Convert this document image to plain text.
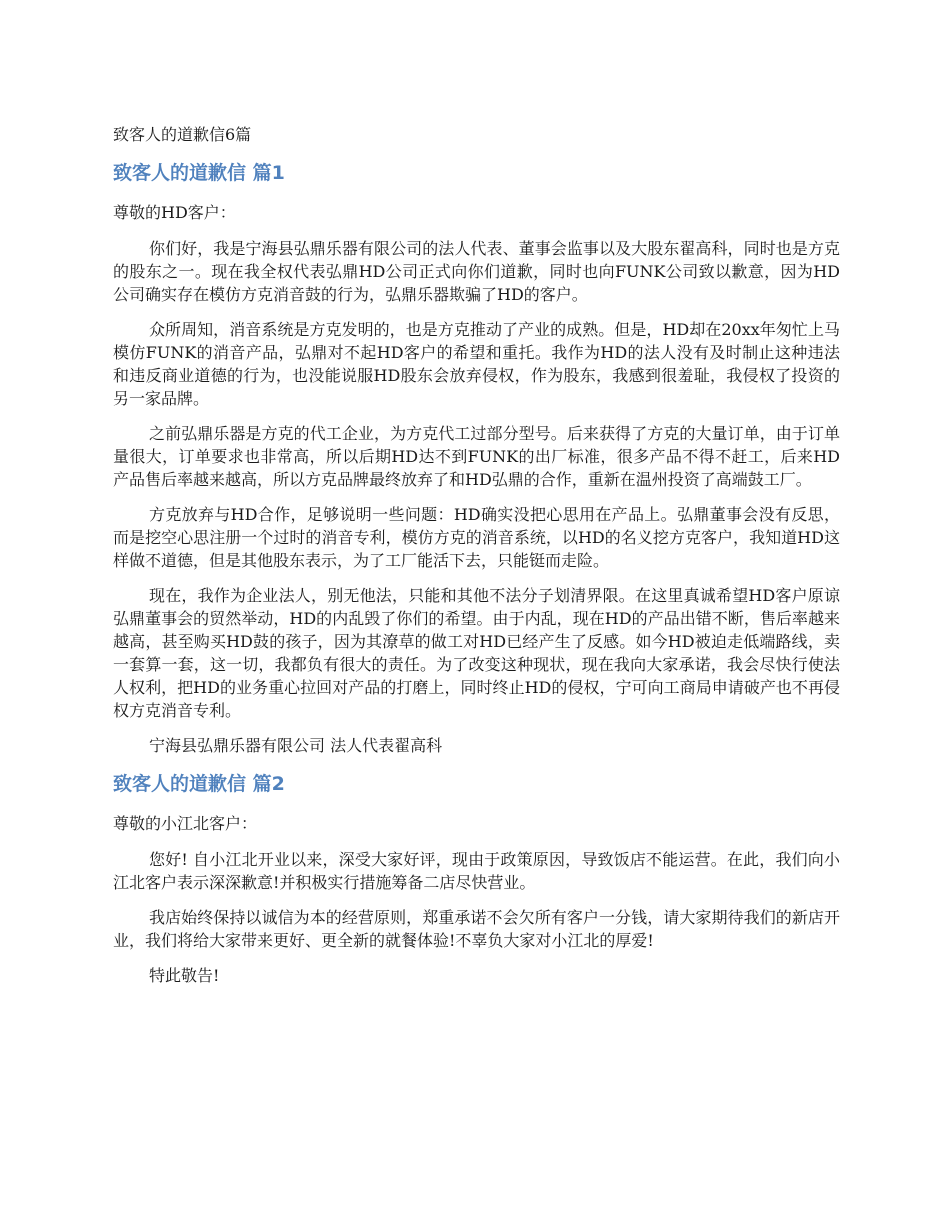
致客人的道歉信6篇
致客人的道歉信 篇1
尊敬的HD客户：

你们好，我是宁海县弘鼎乐器有限公司的法人代表、董事会监事以及大股东翟高科，同时也是方克的股东之一。现在我全权代表弘鼎HD公司正式向你们道歉，同时也向FUNK公司致以歉意，因为HD公司确实存在模仿方克消音鼓的行为，弘鼎乐器欺骗了HD的客户。

众所周知，消音系统是方克发明的，也是方克推动了产业的成熟。但是，HD却在20xx年匆忙上马模仿FUNK的消音产品，弘鼎对不起HD客户的希望和重托。我作为HD的法人没有及时制止这种违法和违反商业道德的行为，也没能说服HD股东会放弃侵权，作为股东，我感到很羞耻，我侵权了投资的另一家品牌。

之前弘鼎乐器是方克的代工企业，为方克代工过部分型号。后来获得了方克的大量订单，由于订单量很大，订单要求也非常高，所以后期HD达不到FUNK的出厂标准，很多产品不得不赶工，后来HD产品售后率越来越高，所以方克品牌最终放弃了和HD弘鼎的合作，重新在温州投资了高端鼓工厂。

方克放弃与HD合作，足够说明一些问题：HD确实没把心思用在产品上。弘鼎董事会没有反思，而是挖空心思注册一个过时的消音专利，模仿方克的消音系统，以HD的名义挖方克客户，我知道HD这样做不道德，但是其他股东表示，为了工厂能活下去，只能铤而走险。

现在，我作为企业法人，别无他法，只能和其他不法分子划清界限。在这里真诚希望HD客户原谅弘鼎董事会的贸然举动，HD的内乱毁了你们的希望。由于内乱，现在HD的产品出错不断，售后率越来越高，甚至购买HD鼓的孩子，因为其潦草的做工对HD已经产生了反感。如今HD被迫走低端路线，卖一套算一套，这一切，我都负有很大的责任。为了改变这种现状，现在我向大家承诺，我会尽快行使法人权利，把HD的业务重心拉回对产品的打磨上，同时终止HD的侵权，宁可向工商局申请破产也不再侵权方克消音专利。

宁海县弘鼎乐器有限公司 法人代表翟高科
致客人的道歉信 篇2
尊敬的小江北客户：

您好! 自小江北开业以来，深受大家好评，现由于政策原因，导致饭店不能运营。在此，我们向小江北客户表示深深歉意!并积极实行措施筹备二店尽快营业。

我店始终保持以诚信为本的经营原则，郑重承诺不会欠所有客户一分钱，请大家期待我们的新店开业，我们将给大家带来更好、更全新的就餐体验!不辜负大家对小江北的厚爱!

特此敬告!
